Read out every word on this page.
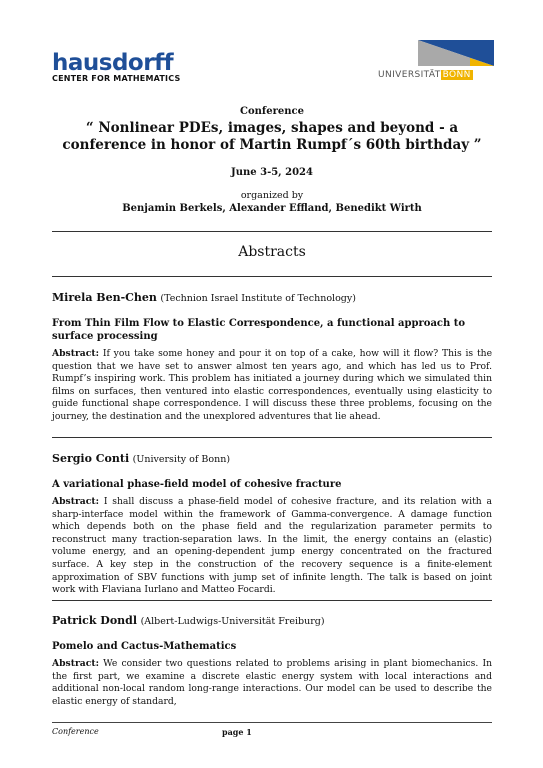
hausdorff
CENTER FOR MATHEMATICS	UNIVERSITÄT BONN
Conference
“ Nonlinear PDEs, images, shapes and beyond - a conference in honor of Martin Rumpf´s 60th birthday ”
June 3-5, 2024
organized by
Benjamin Berkels, Alexander Effland, Benedikt Wirth
Abstracts
Mirela Ben-Chen (Technion Israel Institute of Technology)
From Thin Film Flow to Elastic Correspondence, a functional approach to surface processing
Abstract: If you take some honey and pour it on top of a cake, how will it flow? This is the question that we have set to answer almost ten years ago, and which has led us to Prof. Rumpf’s inspiring work. This problem has initiated a journey during which we simulated thin films on surfaces, then ventured into elastic correspondences, eventually using elasticity to guide functional shape correspondence. I will discuss these three problems, focusing on the journey, the destination and the unexplored adventures that lie ahead.
Sergio Conti (University of Bonn)
A variational phase-field model of cohesive fracture
Abstract: I shall discuss a phase-field model of cohesive fracture, and its relation with a sharp-interface model within the framework of Gamma-convergence. A damage function which depends both on the phase field and the regularization parameter permits to reconstruct many traction-separation laws. In the limit, the energy contains an (elastic) volume energy, and an opening-dependent jump energy concentrated on the fractured surface. A key step in the construction of the recovery sequence is a finite-element approximation of SBV functions with jump set of infinite length. The talk is based on joint work with Flaviana Iurlano and Matteo Focardi.
Patrick Dondl (Albert-Ludwigs-Universität Freiburg)
Pomelo and Cactus-Mathematics
Abstract: We consider two questions related to problems arising in plant biomechanics. In the first part, we examine a discrete elastic energy system with local interactions and additional non-local random long-range interactions. Our model can be used to describe the elastic energy of standard,
Conference	page 1
